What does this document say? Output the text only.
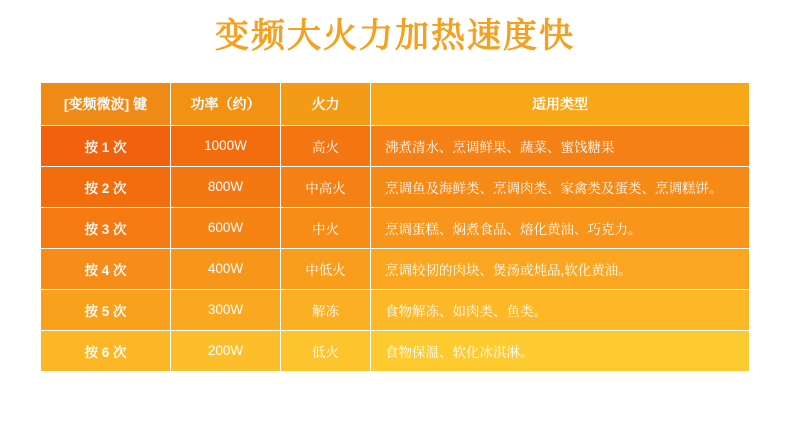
变频大火力加热速度快
[变频微波] 键	功率（约）	火力	适用类型

按 1 次	1000W	高火	沸煮清水、烹调鲜果、蔬菜、蜜饯糖果

按 2 次	800W	中高火	烹调鱼及海鲜类、烹调肉类、家禽类及蛋类、烹调糕饼。

按 3 次	600W	中火	烹调蛋糕、焖煮食品、熔化黄油、巧克力。

按 4 次	400W	中低火	烹调较韧的肉块、煲汤或炖品,软化黄油。

按 5 次	300W	解冻	食物解冻、如肉类、鱼类。

按 6 次	200W	低火	食物保温、软化冰淇淋。
